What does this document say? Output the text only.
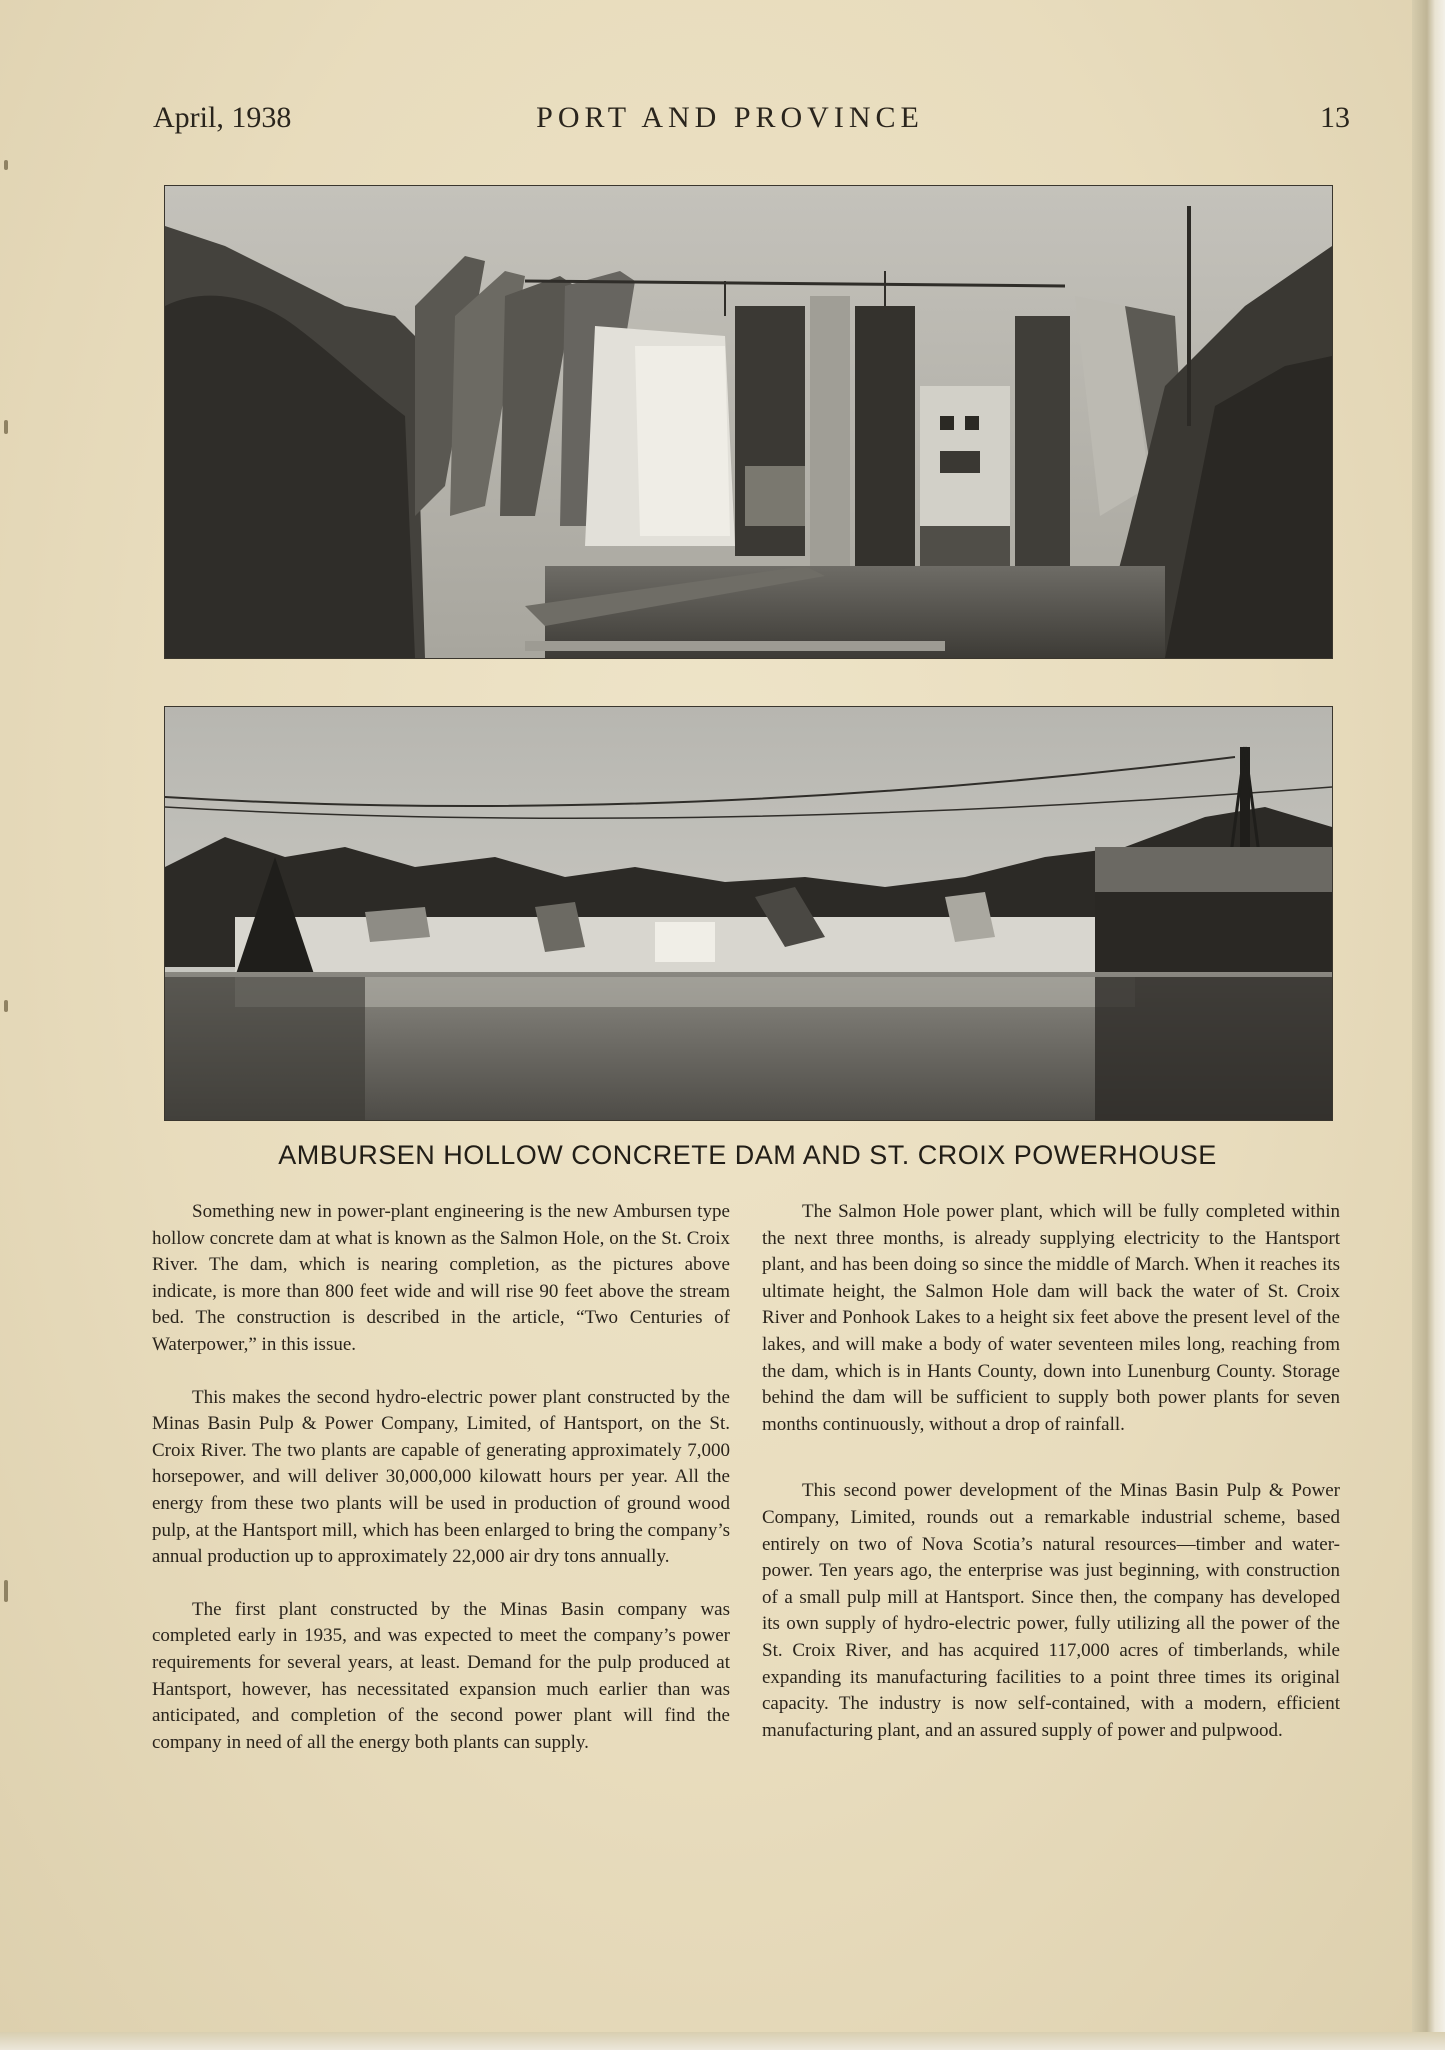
April, 1938	PORT AND PROVINCE	13
AMBURSEN HOLLOW CONCRETE DAM AND ST. CROIX POWERHOUSE

Something new in power-plant engineering is the new Ambursen type hollow concrete dam at what is known as the Salmon Hole, on the St. Croix River. The dam, which is nearing completion, as the pictures above indicate, is more than 800 feet wide and will rise 90 feet above the stream bed. The construction is described in the article, “Two Centuries of Waterpower,” in this issue.

This makes the second hydro-electric power plant constructed by the Minas Basin Pulp & Power Company, Limited, of Hantsport, on the St. Croix River. The two plants are capable of generating approximately 7,000 horsepower, and will deliver 30,000,000 kilowatt hours per year. All the energy from these two plants will be used in production of ground wood pulp, at the Hantsport mill, which has been enlarged to bring the company’s annual production up to approximately 22,000 air dry tons annually.

The first plant constructed by the Minas Basin company was completed early in 1935, and was expected to meet the company’s power requirements for several years, at least. Demand for the pulp produced at Hantsport, however, has necessitated expansion much earlier than was anticipated, and completion of the second power plant will find the company in need of all the energy both plants can supply.

The Salmon Hole power plant, which will be fully completed within the next three months, is already supplying electricity to the Hantsport plant, and has been doing so since the middle of March. When it reaches its ultimate height, the Salmon Hole dam will back the water of St. Croix River and Ponhook Lakes to a height six feet above the present level of the lakes, and will make a body of water seventeen miles long, reaching from the dam, which is in Hants County, down into Lunenburg County. Storage behind the dam will be sufficient to supply both power plants for seven months continuously, without a drop of rainfall.

This second power development of the Minas Basin Pulp & Power Company, Limited, rounds out a remarkable industrial scheme, based entirely on two of Nova Scotia’s natural resources—timber and water-power. Ten years ago, the enterprise was just beginning, with construction of a small pulp mill at Hantsport. Since then, the company has developed its own supply of hydro-electric power, fully utilizing all the power of the St. Croix River, and has acquired 117,000 acres of timberlands, while expanding its manufacturing facilities to a point three times its original capacity. The industry is now self-contained, with a modern, efficient manufacturing plant, and an assured supply of power and pulpwood.
